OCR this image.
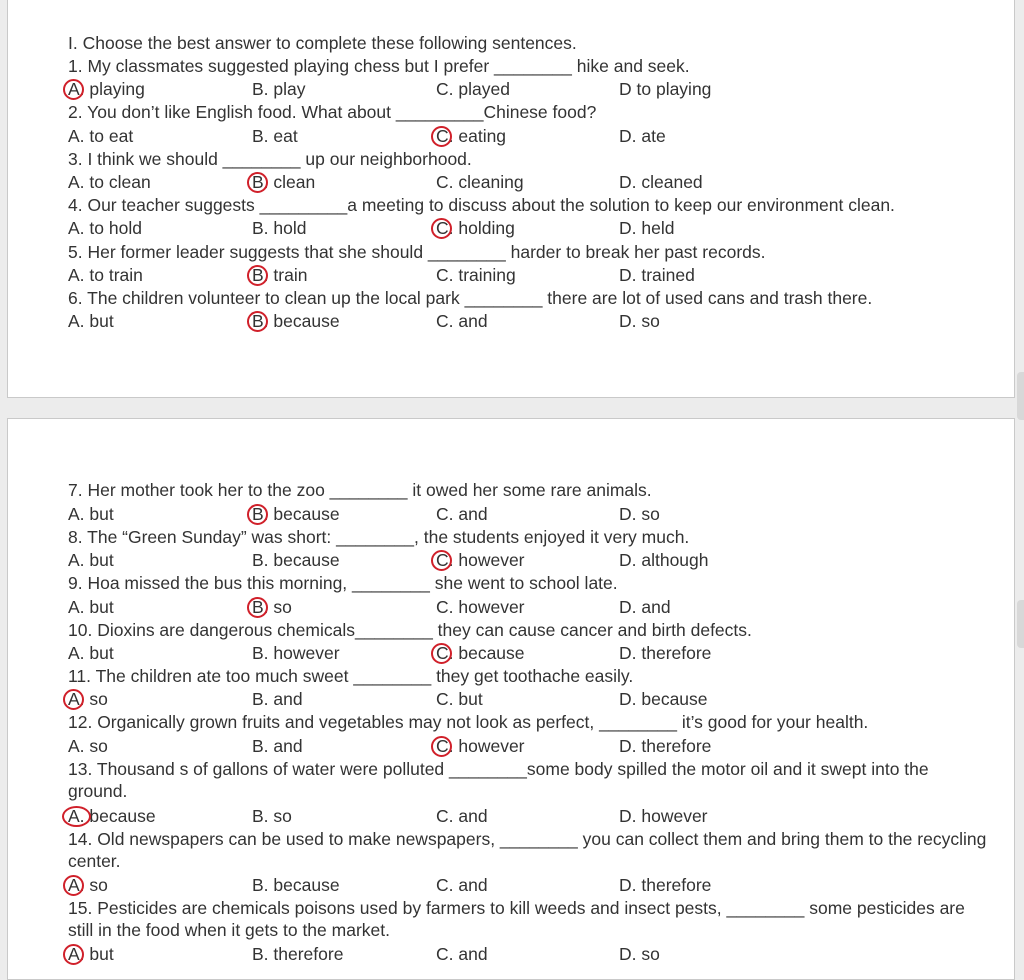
I. Choose the best answer to complete these following sentences.
1. My classmates suggested playing chess but I prefer ________ hike and seek.
A. playing	B. play	C. played	D to playing
2. You don’t like English food. What about _________Chinese food?
A. to eat	B. eat	C. eating	D. ate
3. I think we should ________ up our neighborhood.
A. to clean	B. clean	C. cleaning	D. cleaned
4. Our teacher suggests _________a meeting to discuss about the solution to keep our environment clean.
A. to hold	B. hold	C. holding	D. held
5. Her former leader suggests that she should ________ harder to break her past records.
A. to train	B. train	C. training	D. trained
6. The children volunteer to clean up the local park ________ there are lot of used cans and trash there.
A. but	B. because	C. and	D. so
7. Her mother took her to the zoo ________ it owed her some rare animals.
A. but	B. because	C. and	D. so
8. The “Green Sunday” was short: ________, the students enjoyed it very much.
A. but	B. because	C. however	D. although
9. Hoa missed the bus this morning, ________ she went to school late.
A. but	B. so	C. however	D. and
10. Dioxins are dangerous chemicals________ they can cause cancer and birth defects.
A. but	B. however	C. because	D. therefore
11. The children ate too much sweet ________ they get toothache easily.
A. so	B. and	C. but	D. because
12. Organically grown fruits and vegetables may not look as perfect, ________ it’s good for your health.
A. so	B. and	C. however	D. therefore
13. Thousand s of gallons of water were polluted ________some body spilled the motor oil and it swept into the ground.
A. because	B. so	C. and	D. however
14. Old newspapers can be used to make newspapers, ________ you can collect them and bring them to the recycling center.
A. so	B. because	C. and	D. therefore
15. Pesticides are chemicals poisons used by farmers to kill weeds and insect pests, ________ some pesticides are still in the food when it gets to the market.
A. but	B. therefore	C. and	D. so
